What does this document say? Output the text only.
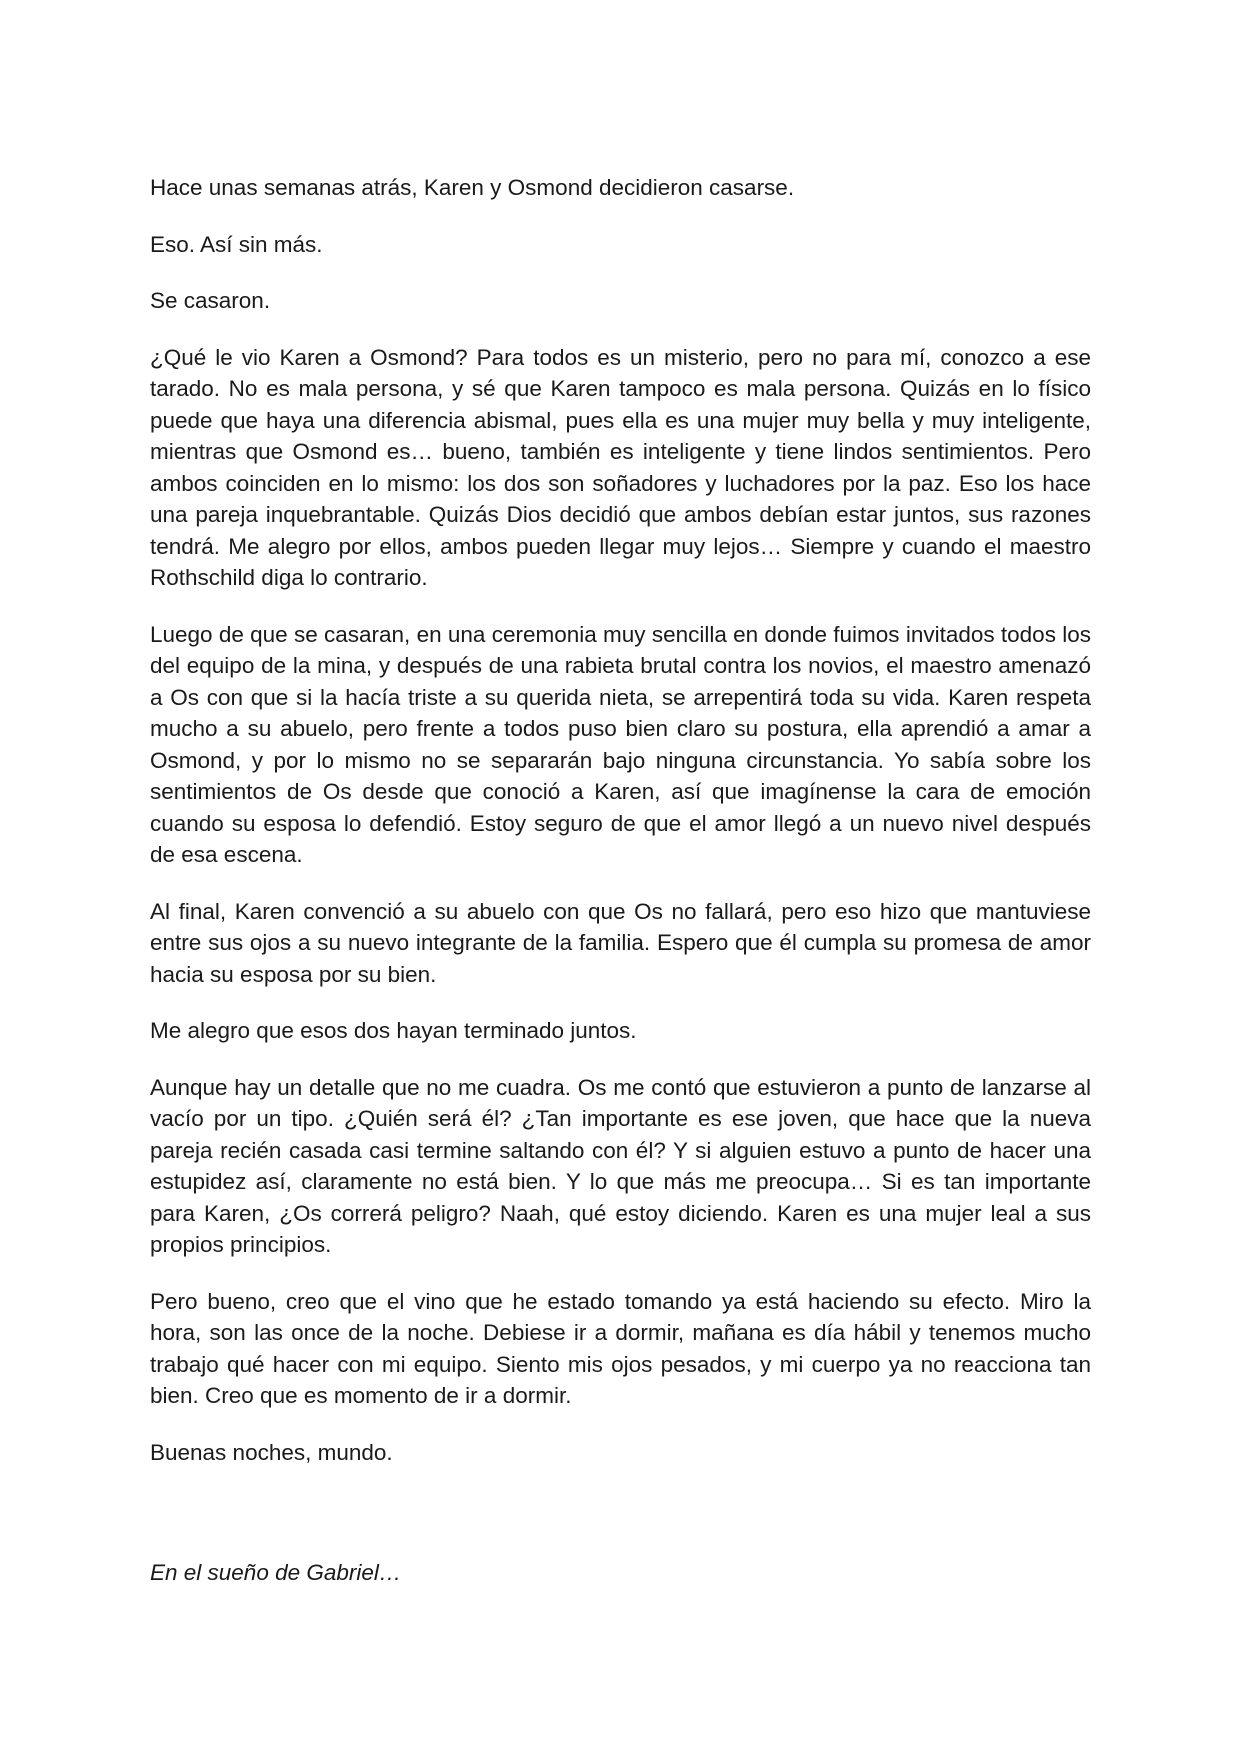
Hace unas semanas atrás, Karen y Osmond decidieron casarse.

Eso. Así sin más.

Se casaron.

¿Qué le vio Karen a Osmond? Para todos es un misterio, pero no para mí, conozco a ese tarado. No es mala persona, y sé que Karen tampoco es mala persona. Quizás en lo físico puede que haya una diferencia abismal, pues ella es una mujer muy bella y muy inteligente, mientras que Osmond es… bueno, también es inteligente y tiene lindos sentimientos. Pero ambos coinciden en lo mismo: los dos son soñadores y luchadores por la paz. Eso los hace una pareja inquebrantable. Quizás Dios decidió que ambos debían estar juntos, sus razones tendrá. Me alegro por ellos, ambos pueden llegar muy lejos… Siempre y cuando el maestro Rothschild diga lo contrario.

Luego de que se casaran, en una ceremonia muy sencilla en donde fuimos invitados todos los del equipo de la mina, y después de una rabieta brutal contra los novios, el maestro amenazó a Os con que si la hacía triste a su querida nieta, se arrepentirá toda su vida. Karen respeta mucho a su abuelo, pero frente a todos puso bien claro su postura, ella aprendió a amar a Osmond, y por lo mismo no se separarán bajo ninguna circunstancia. Yo sabía sobre los sentimientos de Os desde que conoció a Karen, así que imagínense la cara de emoción cuando su esposa lo defendió. Estoy seguro de que el amor llegó a un nuevo nivel después de esa escena.

Al final, Karen convenció a su abuelo con que Os no fallará, pero eso hizo que mantuviese entre sus ojos a su nuevo integrante de la familia. Espero que él cumpla su promesa de amor hacia su esposa por su bien.

Me alegro que esos dos hayan terminado juntos.

Aunque hay un detalle que no me cuadra. Os me contó que estuvieron a punto de lanzarse al vacío por un tipo. ¿Quién será él? ¿Tan importante es ese joven, que hace que la nueva pareja recién casada casi termine saltando con él? Y si alguien estuvo a punto de hacer una estupidez así, claramente no está bien. Y lo que más me preocupa… Si es tan importante para Karen, ¿Os correrá peligro? Naah, qué estoy diciendo. Karen es una mujer leal a sus propios principios.

Pero bueno, creo que el vino que he estado tomando ya está haciendo su efecto. Miro la hora, son las once de la noche. Debiese ir a dormir, mañana es día hábil y tenemos mucho trabajo qué hacer con mi equipo. Siento mis ojos pesados, y mi cuerpo ya no reacciona tan bien. Creo que es momento de ir a dormir.

Buenas noches, mundo.

En el sueño de Gabriel…
